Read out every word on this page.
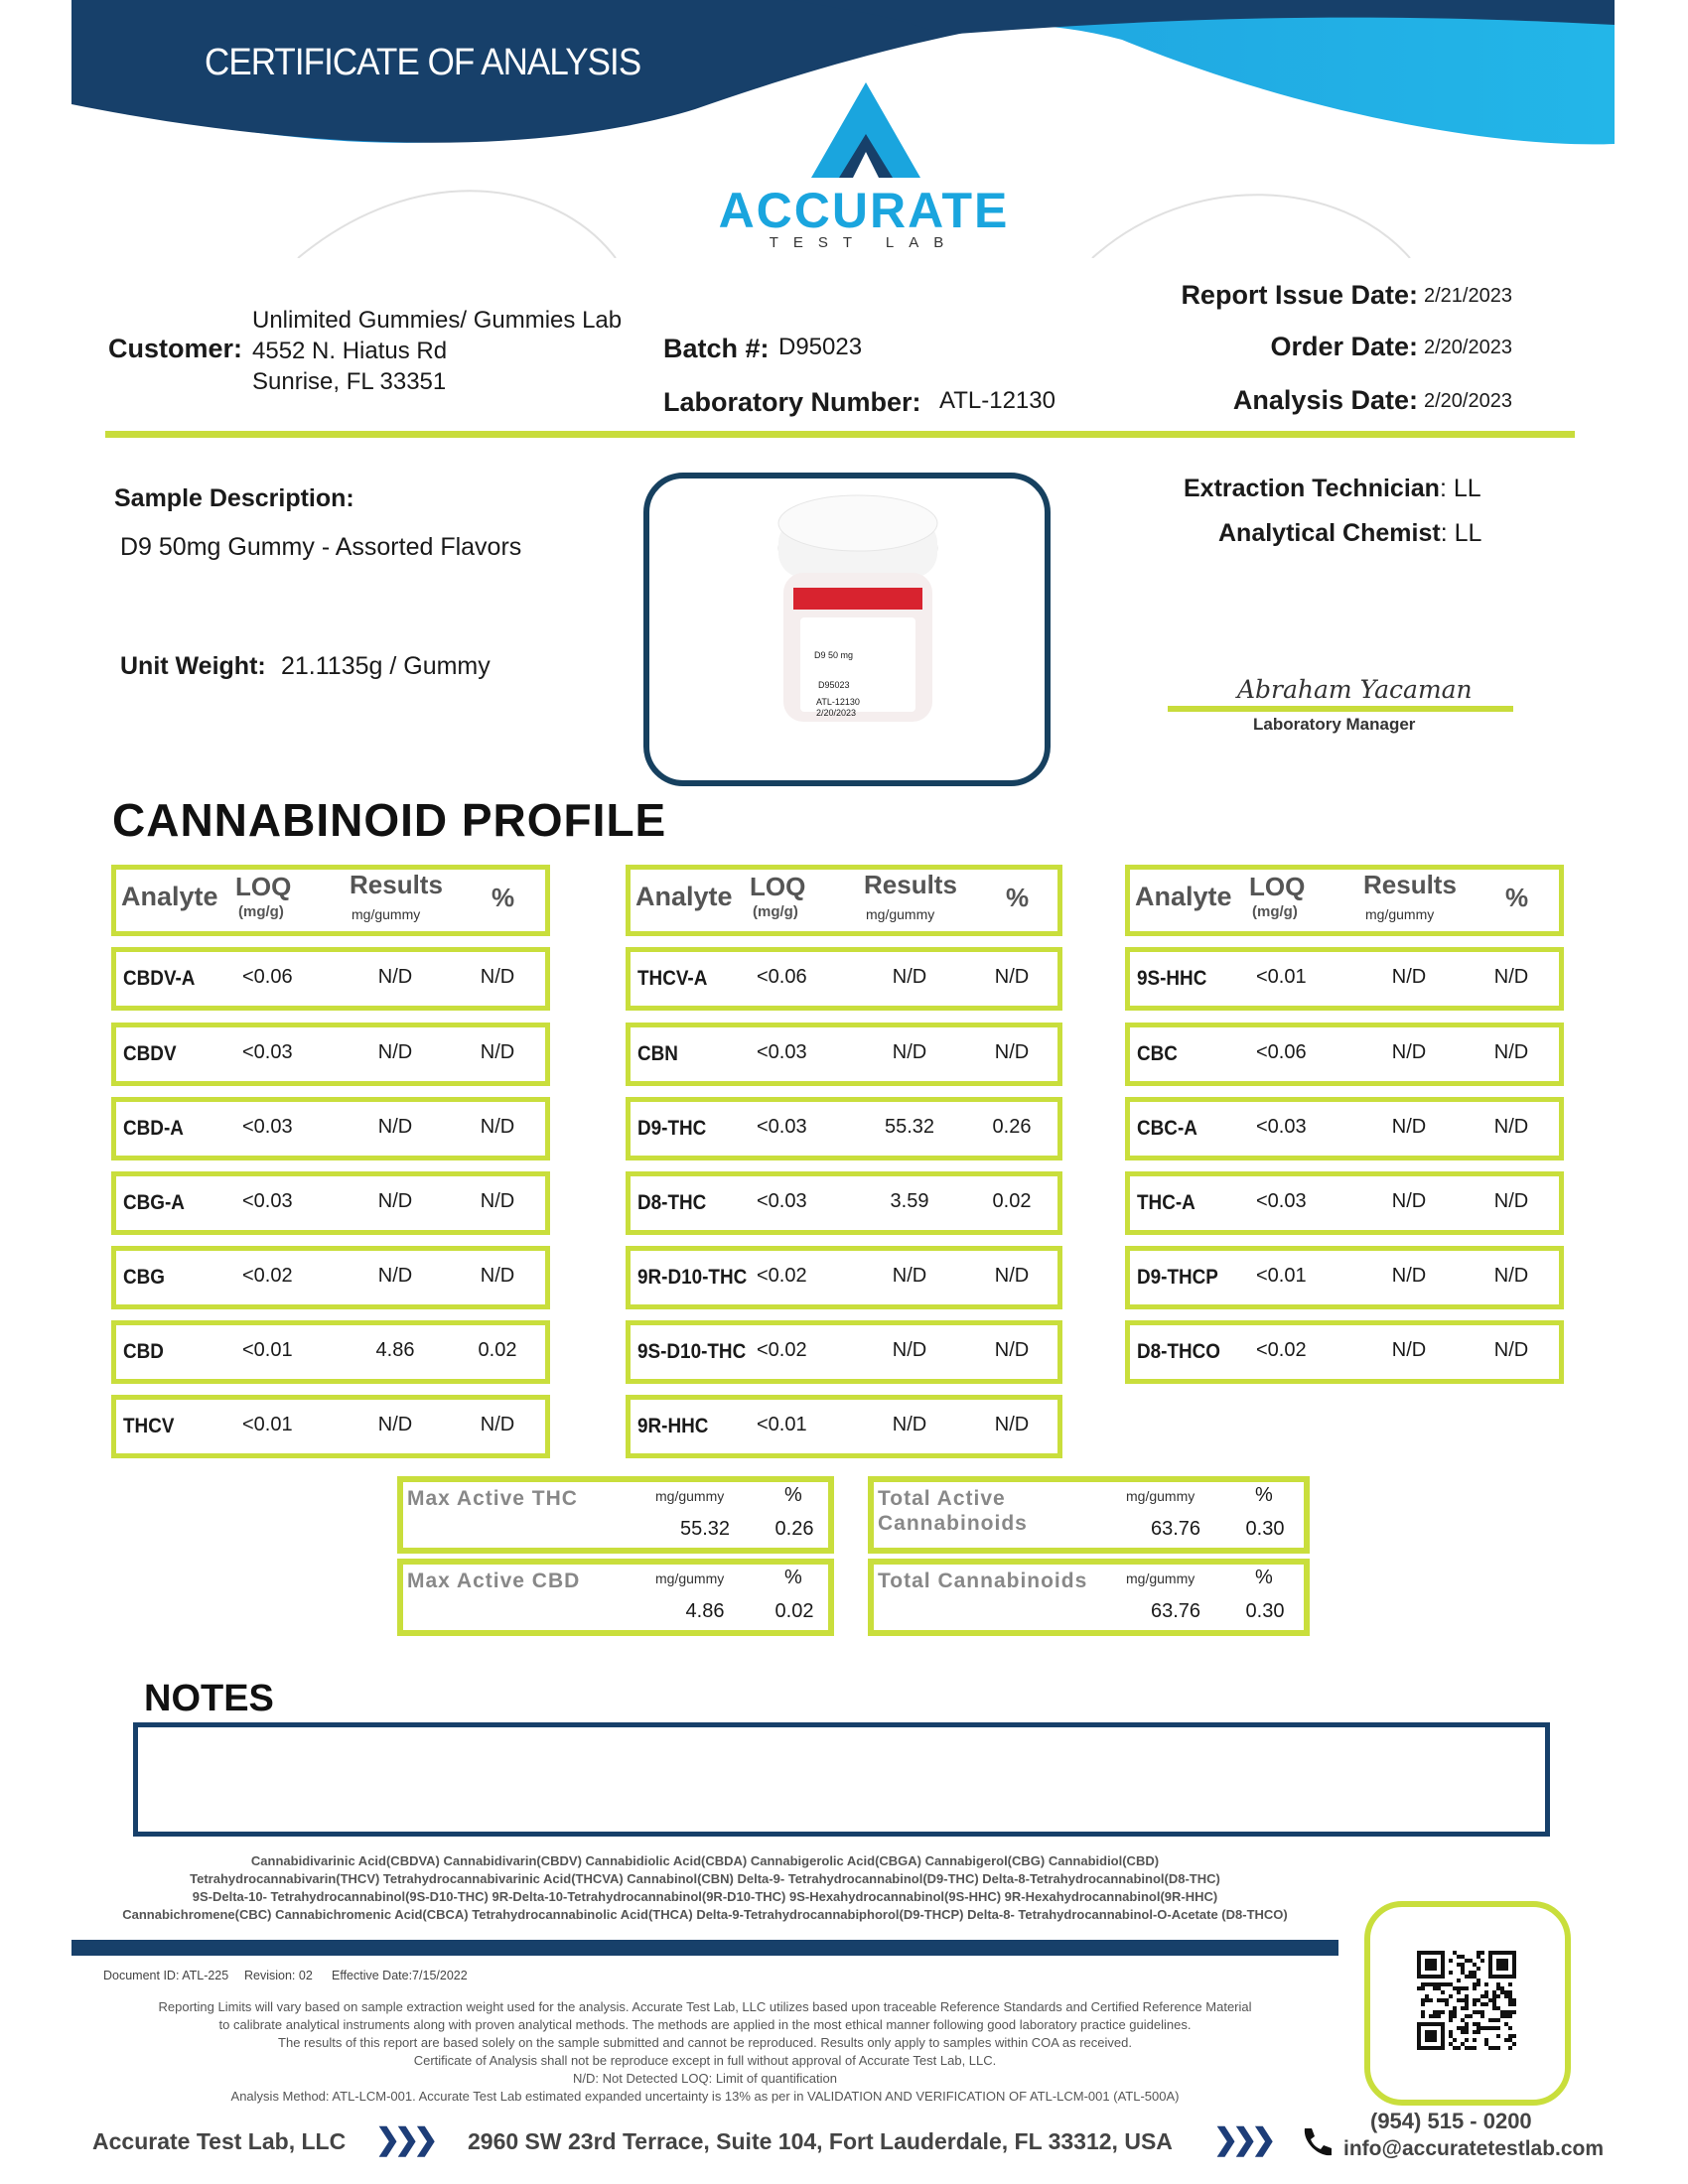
CERTIFICATE OF ANALYSIS
ACCURATE
TEST LAB
Customer:
Unlimited Gummies/ Gummies Lab
4552 N. Hiatus Rd
Sunrise, FL 33351
Batch #: D95023
Laboratory Number: ATL-12130
Report Issue Date: 2/21/2023
Order Date: 2/20/2023
Analysis Date: 2/20/2023
Sample Description:
D9 50mg Gummy - Assorted Flavors
Unit Weight: 21.1135g / Gummy	D9 50 mg
D95023
ATL-12130
2/20/2023
Extraction Technician: LL
Analytical Chemist: LL
Abraham Yacaman
Laboratory Manager
CANNABINOID PROFILE
Analyte LOQ
(mg/g)
Results
mg/gummy
%
CBDV-A <0.06	N/D	N/D
CBDV	<0.03	N/D	N/D
CBD-A	<0.03	N/D	N/D
CBG-A	<0.03	N/D	N/D
CBG	<0.02	N/D	N/D
CBD	<0.01	4.86	0.02
THCV	<0.01	N/D	N/D
Analyte LOQ
(mg/g)
Results
mg/gummy
%
THCV-A <0.06	N/D	N/D
CBN	<0.03	N/D	N/D
D9-THC	<0.03	55.32	0.26
D8-THC	<0.03	3.59	0.02
9R-D10-THC <0.02	N/D	N/D
9S-D10-THC <0.02	N/D	N/D
9R-HHC <0.01	N/D	N/D
Analyte LOQ
(mg/g)
Results
mg/gummy
%
9S-HHC <0.01	N/D	N/D
CBC	<0.06	N/D	N/D
CBC-A	<0.03	N/D	N/D
THC-A	<0.03	N/D	N/D
D9-THCP <0.01	N/D	N/D
D8-THCO <0.02	N/D	N/D
Max Active THC	mg/gummy	%
55.32	0.26
Total Active Cannabinoids
mg/gummy	%
63.76	0.30
Max Active CBD	mg/gummy	%
4.86	0.02
Total Cannabinoids	mg/gummy	%
63.76	0.30
NOTES
Cannabidivarinic Acid(CBDVA) Cannabidivarin(CBDV) Cannabidiolic Acid(CBDA) Cannabigerolic Acid(CBGA) Cannabigerol(CBG) Cannabidiol(CBD)
Tetrahydrocannabivarin(THCV) Tetrahydrocannabivarinic Acid(THCVA) Cannabinol(CBN) Delta-9- Tetrahydrocannabinol(D9-THC) Delta-8-Tetrahydrocannabinol(D8-THC)
9S-Delta-10- Tetrahydrocannabinol(9S-D10-THC) 9R-Delta-10-Tetrahydrocannabinol(9R-D10-THC) 9S-Hexahydrocannabinol(9S-HHC) 9R-Hexahydrocannabinol(9R-HHC)
Cannabichromene(CBC) Cannabichromenic Acid(CBCA) Tetrahydrocannabinolic Acid(THCA) Delta-9-Tetrahydrocannabiphorol(D9-THCP) Delta-8- Tetrahydrocannabinol-O-Acetate (D8-THCO)
Document ID: ATL-225 Revision: 02 Effective Date:7/15/2022
Reporting Limits will vary based on sample extraction weight used for the analysis. Accurate Test Lab, LLC utilizes based upon traceable Reference Standards and Certified Reference Material
to calibrate analytical instruments along with proven analytical methods. The methods are applied in the most ethical manner following good laboratory practice guidelines.
The results of this report are based solely on the sample submitted and cannot be reproduced. Results only apply to samples within COA as received.
Certificate of Analysis shall not be reproduce except in full without approval of Accurate Test Lab, LLC.
N/D: Not Detected LOQ: Limit of quantification
Analysis Method: ATL-LCM-001. Accurate Test Lab estimated expanded uncertainty is 13% as per in VALIDATION AND VERIFICATION OF ATL-LCM-001 (ATL-500A)
Accurate Test Lab, LLC ❯❯❯ 2960 SW 23rd Terrace, Suite 104, Fort Lauderdale, FL 33312, USA ❯❯❯
(954) 515 - 0200
info@accuratetestlab.com
